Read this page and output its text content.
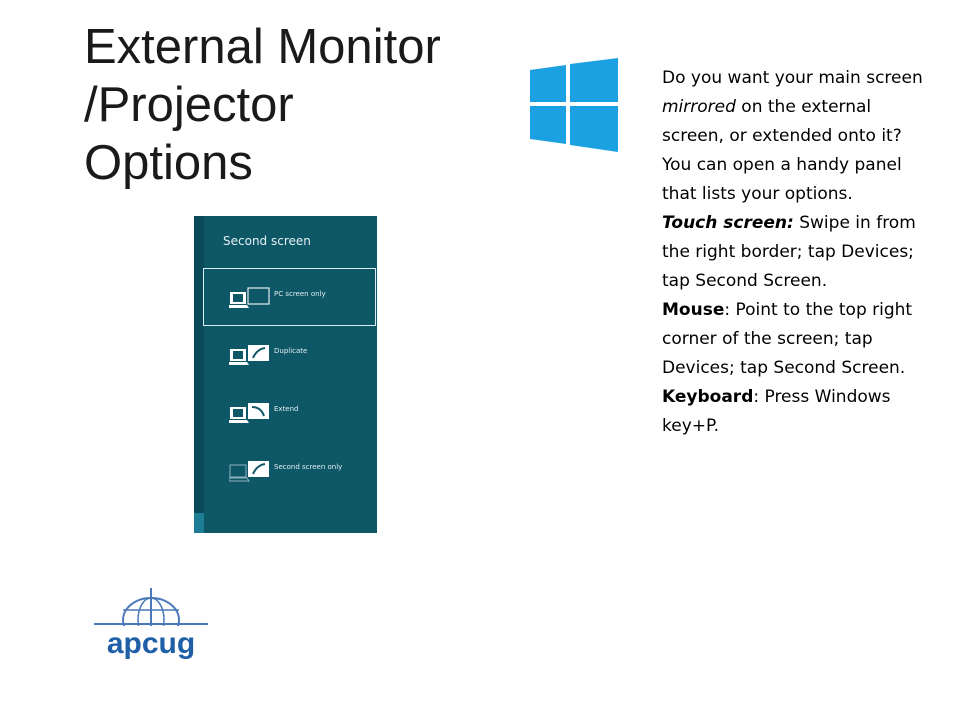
External Monitor
/Projector
Options

Do you want your main screen mirrored on the external screen, or extended onto it? You can open a handy panel that lists your options.

Touch screen: Swipe in from the right border; tap Devices; tap Second Screen.

Mouse: Point to the top right corner of the screen; tap Devices; tap Second Screen.

Keyboard: Press Windows key+P.

Second screen
PC screen only
Duplicate
Extend
Second screen only
apcug
